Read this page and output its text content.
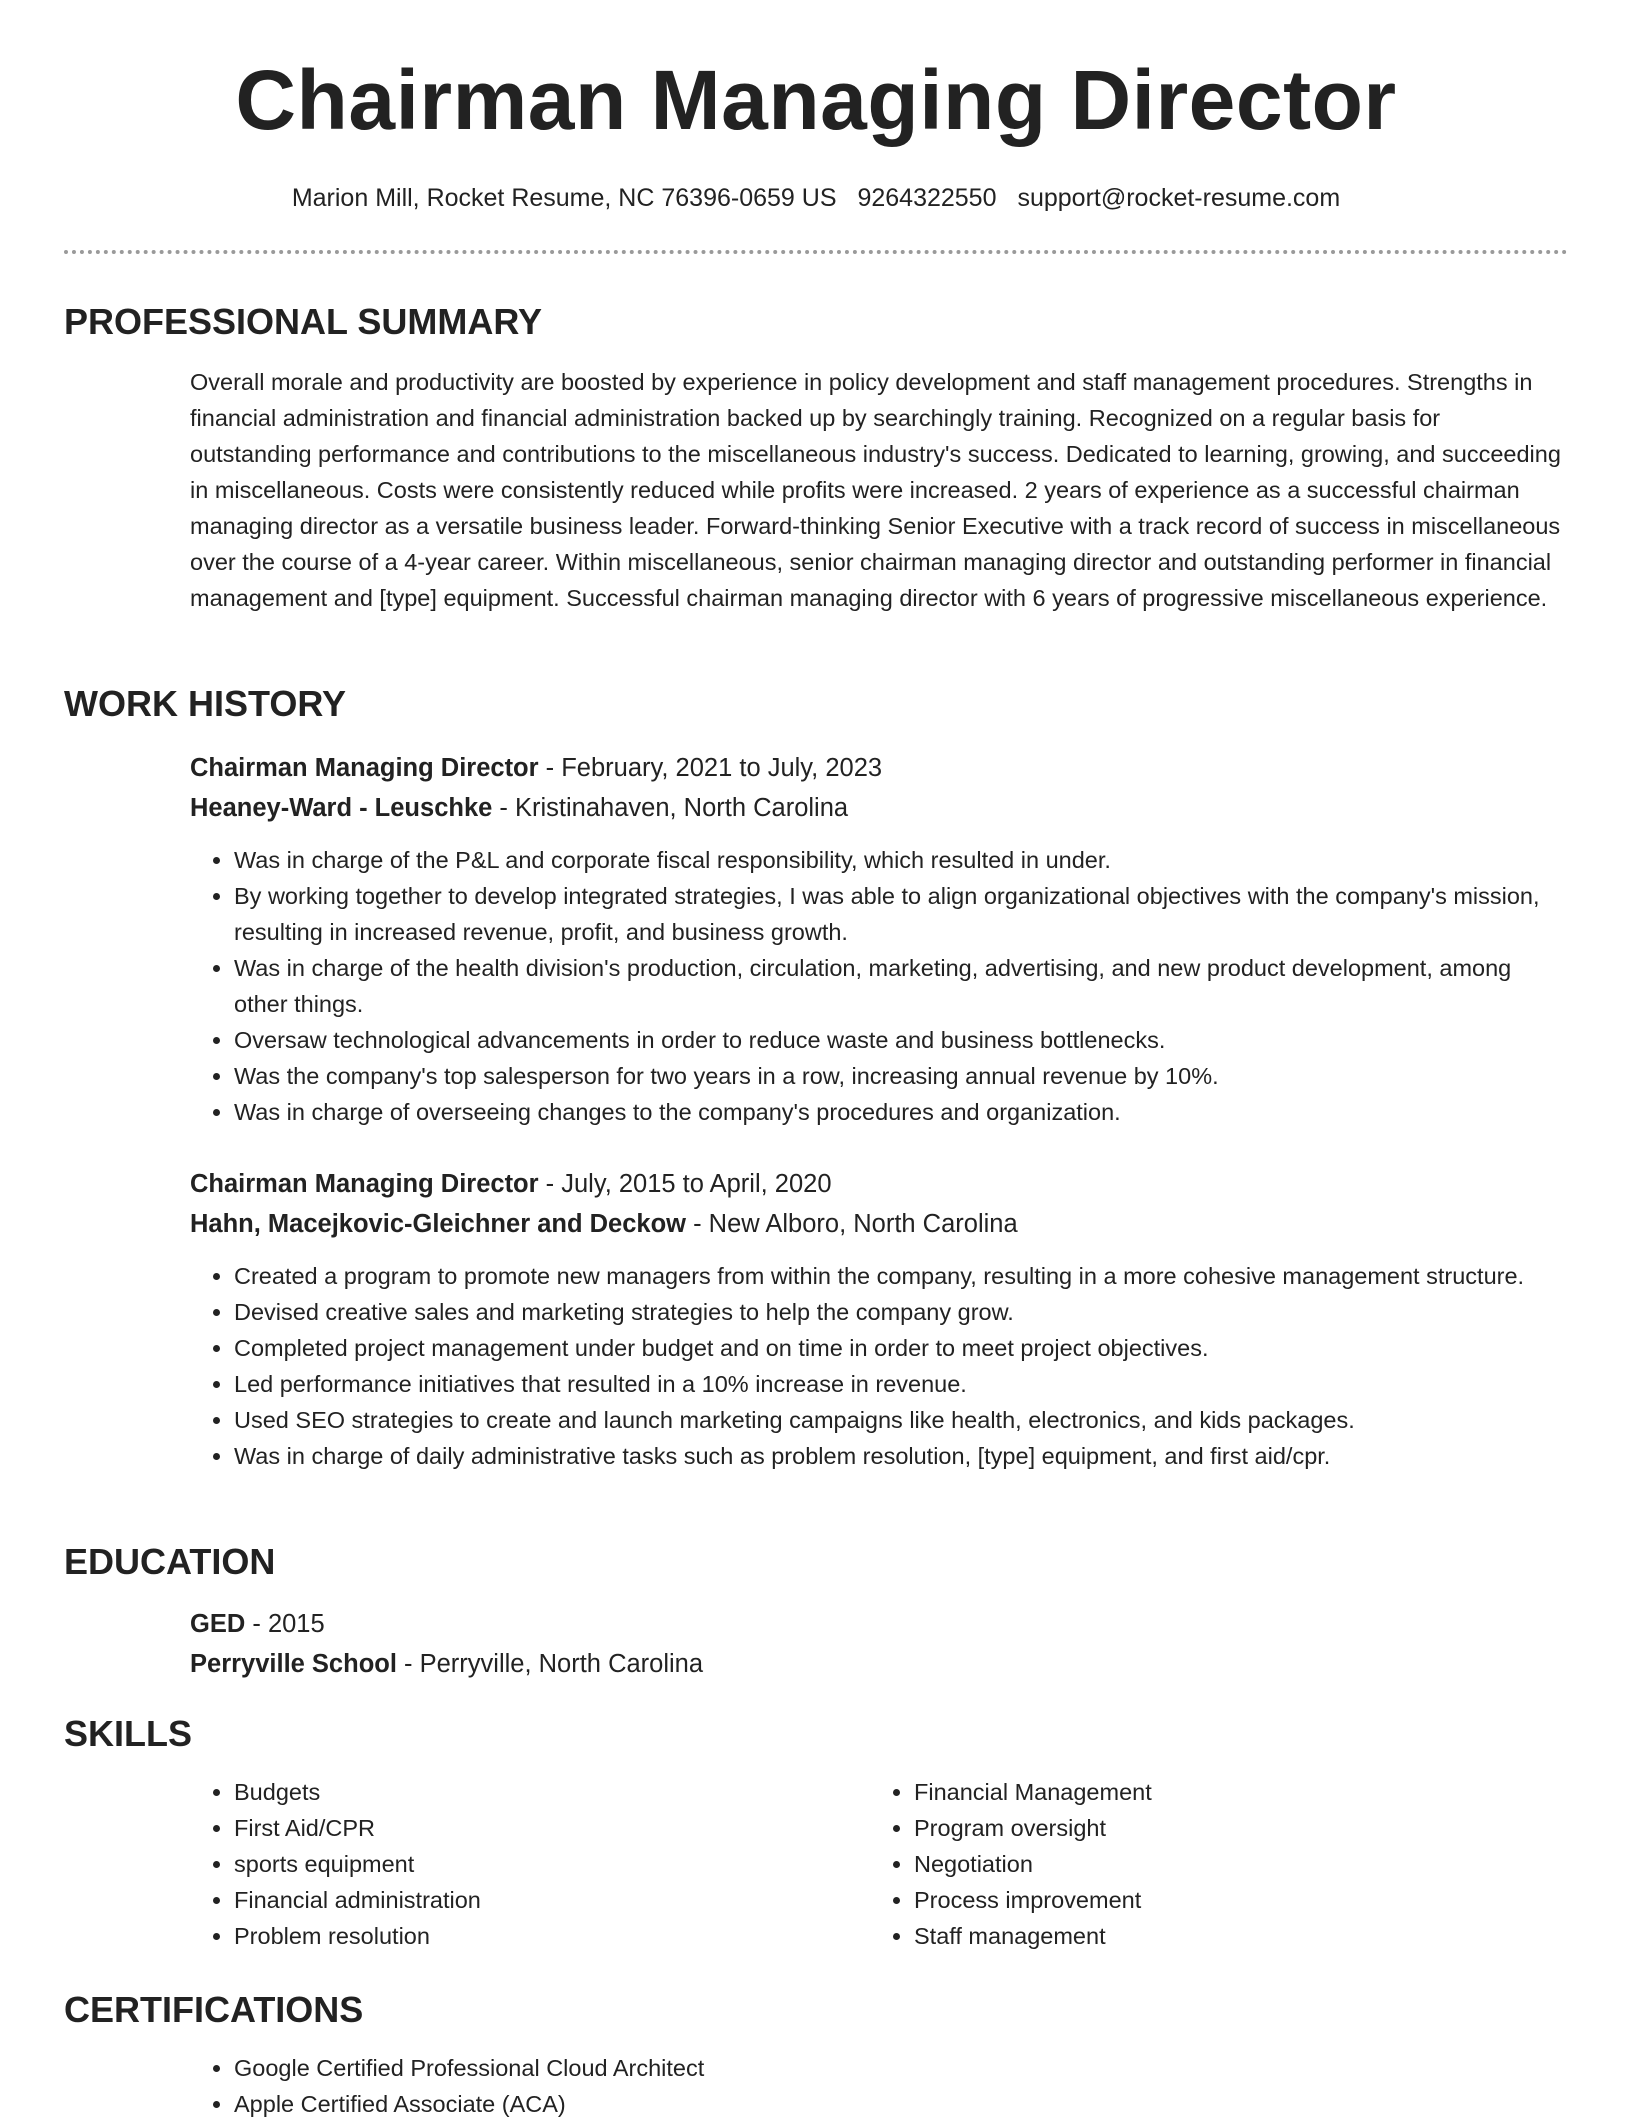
Chairman Managing Director
Marion Mill, Rocket Resume, NC 76396-0659 US 9264322550 support@rocket-resume.com
PROFESSIONAL SUMMARY

Overall morale and productivity are boosted by experience in policy development and staff management procedures. Strengths in financial administration and financial administration backed up by searchingly training. Recognized on a regular basis for outstanding performance and contributions to the miscellaneous industry's success. Dedicated to learning, growing, and succeeding in miscellaneous. Costs were consistently reduced while profits were increased. 2 years of experience as a successful chairman managing director as a versatile business leader. Forward-thinking Senior Executive with a track record of success in miscellaneous over the course of a 4-year career. Within miscellaneous, senior chairman managing director and outstanding performer in financial management and [type] equipment. Successful chairman managing director with 6 years of progressive miscellaneous experience.

WORK HISTORY

Chairman Managing Director - February, 2021 to July, 2023

Heaney-Ward - Leuschke - Kristinahaven, North Carolina

• Was in charge of the P&L and corporate fiscal responsibility, which resulted in under.
• By working together to develop integrated strategies, I was able to align organizational objectives with the company's mission, resulting in increased revenue, profit, and business growth.
• Was in charge of the health division's production, circulation, marketing, advertising, and new product development, among other things.
• Oversaw technological advancements in order to reduce waste and business bottlenecks.
• Was the company's top salesperson for two years in a row, increasing annual revenue by 10%.
• Was in charge of overseeing changes to the company's procedures and organization.

Chairman Managing Director - July, 2015 to April, 2020

Hahn, Macejkovic-Gleichner and Deckow - New Alboro, North Carolina

• Created a program to promote new managers from within the company, resulting in a more cohesive management structure.
• Devised creative sales and marketing strategies to help the company grow.
• Completed project management under budget and on time in order to meet project objectives.
• Led performance initiatives that resulted in a 10% increase in revenue.
• Used SEO strategies to create and launch marketing campaigns like health, electronics, and kids packages.
• Was in charge of daily administrative tasks such as problem resolution, [type] equipment, and first aid/cpr.
EDUCATION

GED - 2015

Perryville School - Perryville, North Carolina

SKILLS
• Budgets
• First Aid/CPR
• sports equipment
• Financial administration
• Problem resolution
• Financial Management
• Program oversight
• Negotiation
• Process improvement
• Staff management
CERTIFICATIONS
• Google Certified Professional Cloud Architect
• Apple Certified Associate (ACA)
